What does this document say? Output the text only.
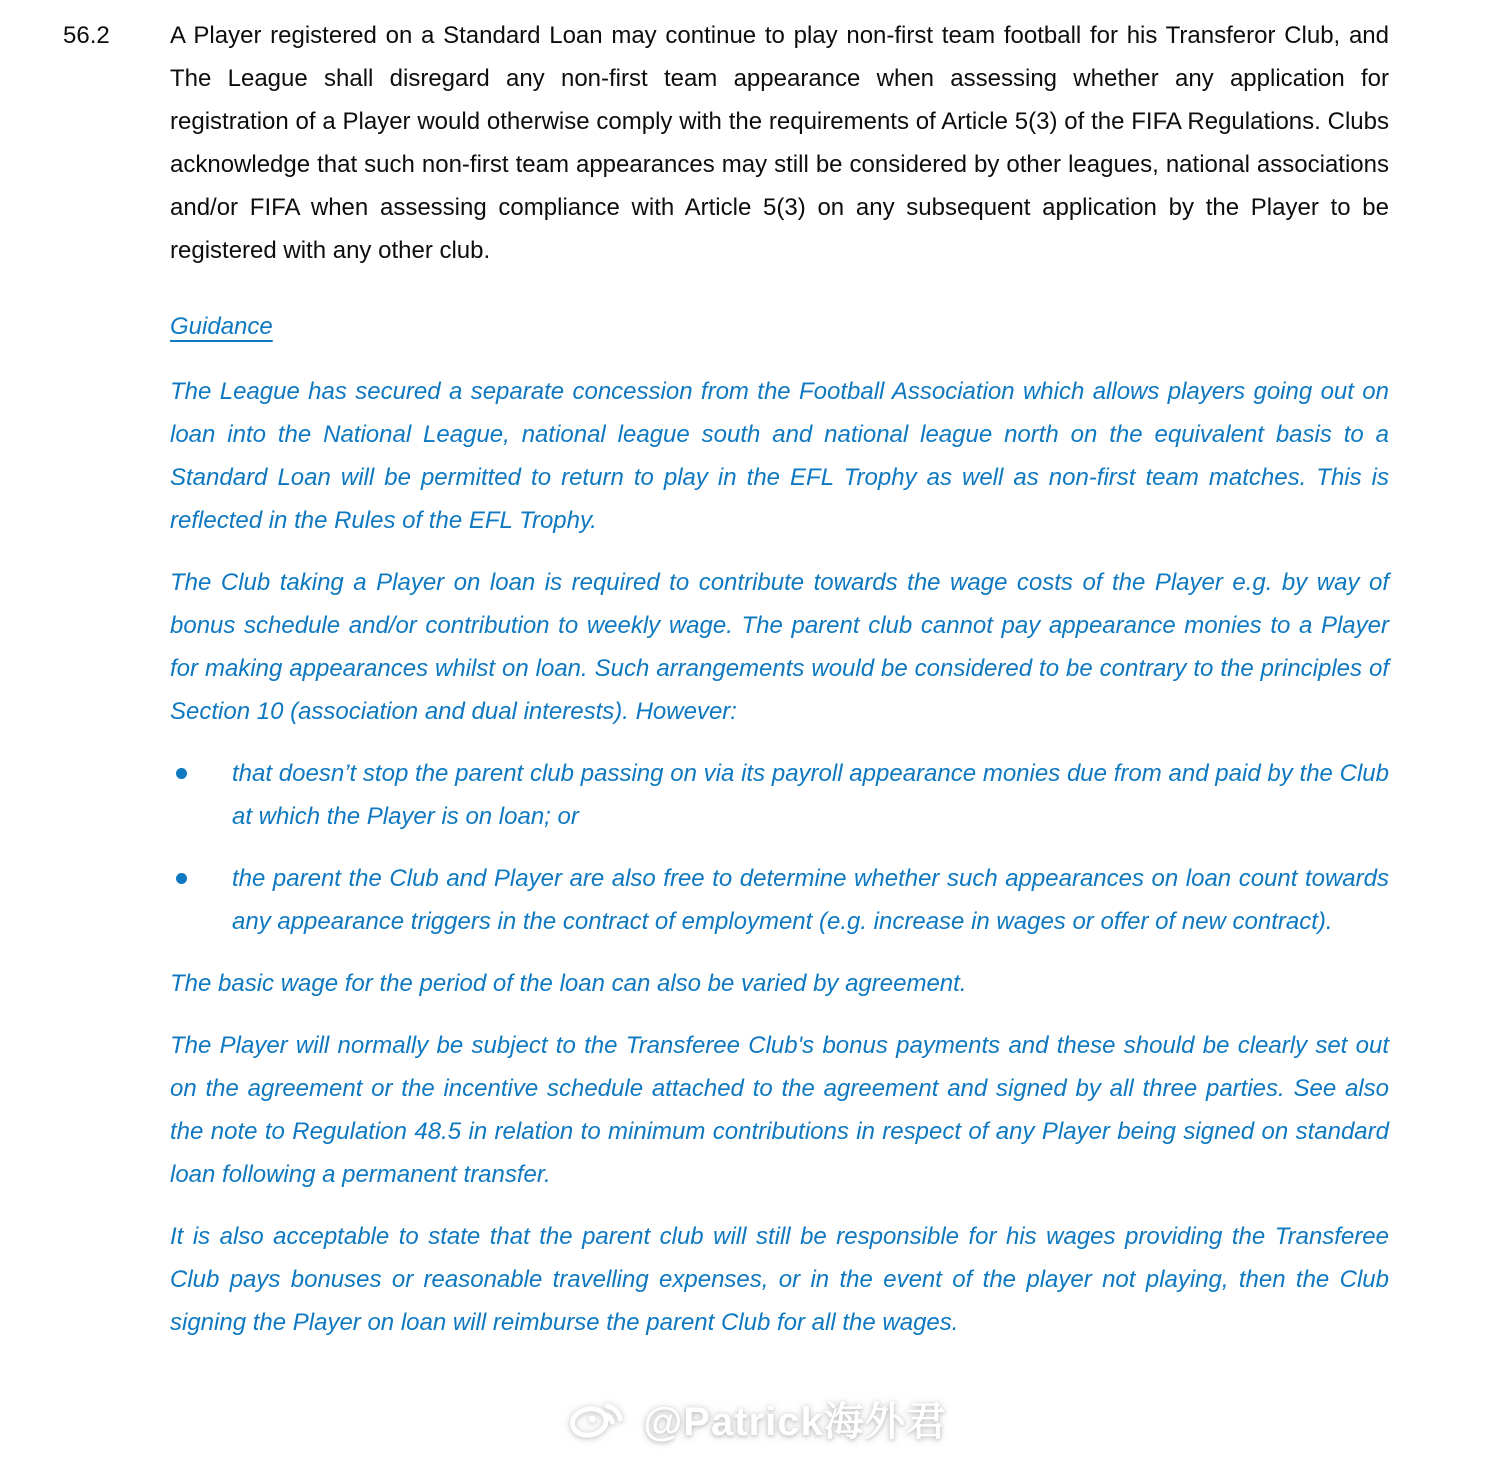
56.2	A Player registered on a Standard Loan may continue to play non-first team football for his Transferor Club, and The League shall disregard any non-first team appearance when assessing whether any application for registration of a Player would otherwise comply with the requirements of Article 5(3) of the FIFA Regulations. Clubs acknowledge that such non-first team appearances may still be considered by other leagues, national associations and/or FIFA when assessing compliance with Article 5(3) on any subsequent application by the Player to be registered with any other club.

Guidance

The League has secured a separate concession from the Football Association which allows players going out on loan into the National League, national league south and national league north on the equivalent basis to a Standard Loan will be permitted to return to play in the EFL Trophy as well as non-first team matches. This is reflected in the Rules of the EFL Trophy.

The Club taking a Player on loan is required to contribute towards the wage costs of the Player e.g. by way of bonus schedule and/or contribution to weekly wage. The parent club cannot pay appearance monies to a Player for making appearances whilst on loan. Such arrangements would be considered to be contrary to the principles of Section 10 (association and dual interests). However:

that doesn’t stop the parent club passing on via its payroll appearance monies due from and paid by the Club at which the Player is on loan; or

the parent the Club and Player are also free to determine whether such appearances on loan count towards any appearance triggers in the contract of employment (e.g. increase in wages or offer of new contract).

The basic wage for the period of the loan can also be varied by agreement.

The Player will normally be subject to the Transferee Club's bonus payments and these should be clearly set out on the agreement or the incentive schedule attached to the agreement and signed by all three parties. See also the note to Regulation 48.5 in relation to minimum contributions in respect of any Player being signed on standard loan following a permanent transfer.

It is also acceptable to state that the parent club will still be responsible for his wages providing the Transferee Club pays bonuses or reasonable travelling expenses, or in the event of the player not playing, then the Club signing the Player on loan will reimburse the parent Club for all the wages.

@Patrick海外君
